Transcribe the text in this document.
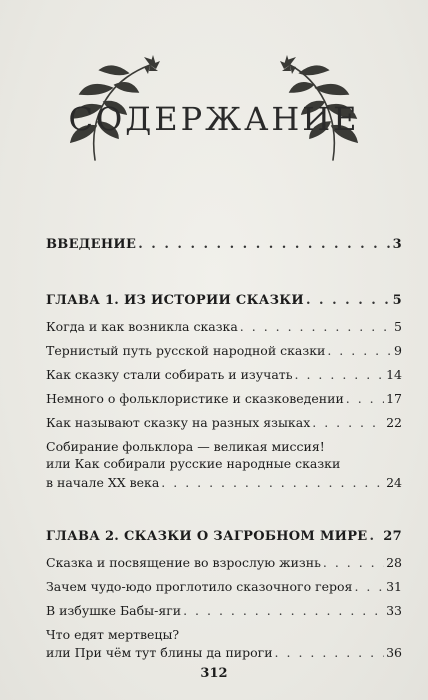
СОДЕРЖАНИЕ
ВВЕДЕНИЕ . . .	3
ГЛАВА 1. ИЗ ИСТОРИИ СКАЗКИ . . .	5
Когда и как возникла сказка . . .	5
Тернистый путь русской народной сказки . . .	9
Как сказку стали собирать и изучать . . .	14
Немного о фольклористике и сказковедении . . .	17
Как называют сказку на разных языках . . .	22
Собирание фольклора — великая миссия!
или Как собирали русские народные сказки
в начале XX века . . .	24
ГЛАВА 2. СКАЗКИ О ЗАГРОБНОМ МИРЕ . . . 27
Сказка и посвящение во взрослую жизнь . . .	28
Зачем чудо-юдо проглотило сказочного героя . . .	31
В избушке Бабы-яги . . .	33
Что едят мертвецы?
или При чём тут блины да пироги . . .	36
312
